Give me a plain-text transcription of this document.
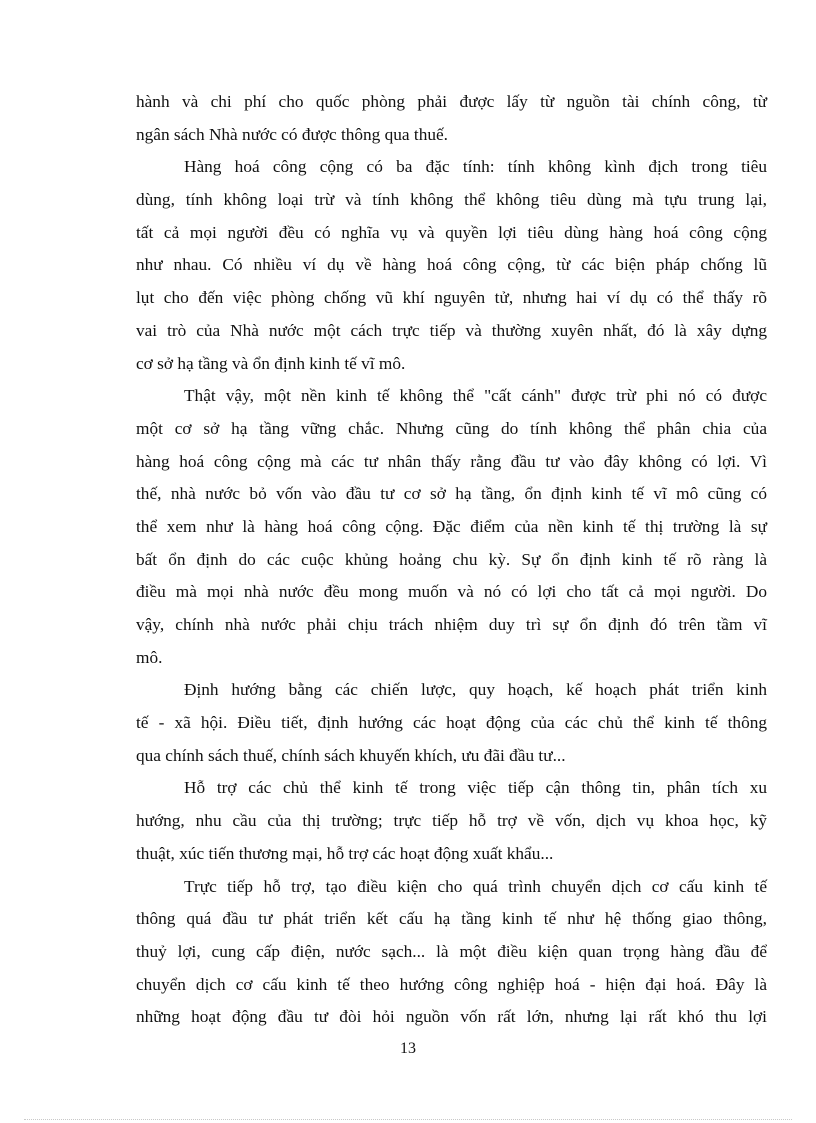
hành và chi phí cho quốc phòng phải được lấy từ nguồn tài chính công, từ
ngân sách Nhà nước có được thông qua thuế.
Hàng hoá công cộng có ba đặc tính: tính không kình địch trong tiêu
dùng, tính không loại trừ và tính không thể không tiêu dùng mà tựu trung lại,
tất cả mọi người đều có nghĩa vụ và quyền lợi tiêu dùng hàng hoá công cộng
như nhau. Có nhiều ví dụ về hàng hoá công cộng, từ các biện pháp chống lũ
lụt cho đến việc phòng chống vũ khí nguyên tử, nhưng hai ví dụ có thể thấy rõ
vai trò của Nhà nước một cách trực tiếp và thường xuyên nhất, đó là xây dựng
cơ sở hạ tầng và ổn định kinh tế vĩ mô.
Thật vậy, một nền kinh tế không thể "cất cánh" được trừ phi nó có được
một cơ sở hạ tầng vững chắc. Nhưng cũng do tính không thể phân chia của
hàng hoá công cộng mà các tư nhân thấy rằng đầu tư vào đây không có lợi. Vì
thế, nhà nước bỏ vốn vào đầu tư cơ sở hạ tầng, ổn định kinh tế vĩ mô cũng có
thể xem như là hàng hoá công cộng. Đặc điểm của nền kinh tế thị trường là sự
bất ổn định do các cuộc khủng hoảng chu kỳ. Sự ổn định kinh tế rõ ràng là
điều mà mọi nhà nước đều mong muốn và nó có lợi cho tất cả mọi người. Do
vậy, chính nhà nước phải chịu trách nhiệm duy trì sự ổn định đó trên tầm vĩ
mô.
Định hướng bằng các chiến lược, quy hoạch, kế hoạch phát triển kinh
tế - xã hội. Điều tiết, định hướng các hoạt động của các chủ thể kinh tế thông
qua chính sách thuế, chính sách khuyến khích, ưu đãi đầu tư...
Hỗ trợ các chủ thể kinh tế trong việc tiếp cận thông tin, phân tích xu
hướng, nhu cầu của thị trường; trực tiếp hỗ trợ về vốn, dịch vụ khoa học, kỹ
thuật, xúc tiến thương mại, hỗ trợ các hoạt động xuất khẩu...
Trực tiếp hỗ trợ, tạo điều kiện cho quá trình chuyển dịch cơ cấu kinh tế
thông quá đầu tư phát triển kết cấu hạ tầng kinh tế như hệ thống giao thông,
thuỷ lợi, cung cấp điện, nước sạch... là một điều kiện quan trọng hàng đầu để
chuyển dịch cơ cấu kinh tế theo hướng công nghiệp hoá - hiện đại hoá. Đây là
những hoạt động đầu tư đòi hỏi nguồn vốn rất lớn, nhưng lại rất khó thu lợi
13
